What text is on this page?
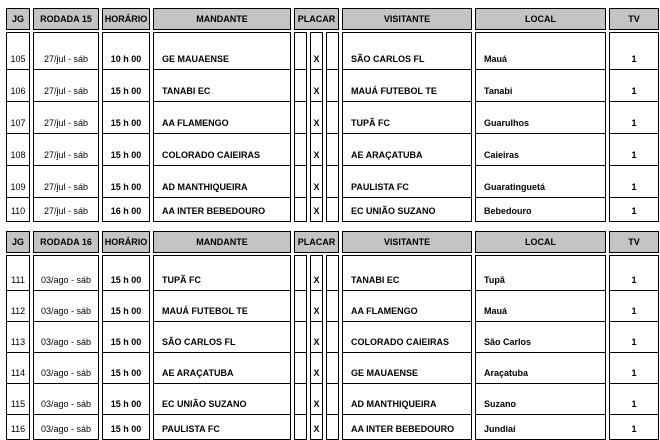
JG	RODADA 15	HORÁRIO	MANDANTE	PLACAR	VISITANTE	LOCAL	TV
105	27/jul - sáb	10 h 00	GE MAUAENSE	X	SÃO CARLOS FL	Mauá	1
106	27/jul - sáb	15 h 00	TANABI EC	X	MAUÁ FUTEBOL TE	Tanabi	1
107	27/jul - sáb	15 h 00	AA FLAMENGO	X	TUPÃ FC	Guarulhos	1
108	27/jul - sáb	15 h 00	COLORADO CAIEIRAS	X	AE ARAÇATUBA	Caieiras	1
109	27/jul - sáb	15 h 00	AD MANTHIQUEIRA	X	PAULISTA FC	Guaratinguetá	1
110	27/jul - sáb	16 h 00	AA INTER BEBEDOURO	X	EC UNIÃO SUZANO	Bebedouro	1
JG	RODADA 16	HORÁRIO	MANDANTE	PLACAR	VISITANTE	LOCAL	TV
111	03/ago - sáb	15 h 00	TUPÃ FC	X	TANABI EC	Tupã	1
112	03/ago - sáb	15 h 00	MAUÁ FUTEBOL TE	X	AA FLAMENGO	Mauá	1
113	03/ago - sáb	15 h 00	SÃO CARLOS FL	X	COLORADO CAIEIRAS	São Carlos	1
114	03/ago - sáb	15 h 00	AE ARAÇATUBA	X	GE MAUAENSE	Araçatuba	1
115	03/ago - sáb	15 h 00	EC UNIÃO SUZANO	X	AD MANTHIQUEIRA	Suzano	1
116	03/ago - sáb	15 h 00	PAULISTA FC	X	AA INTER BEBEDOURO	Jundiaí	1
